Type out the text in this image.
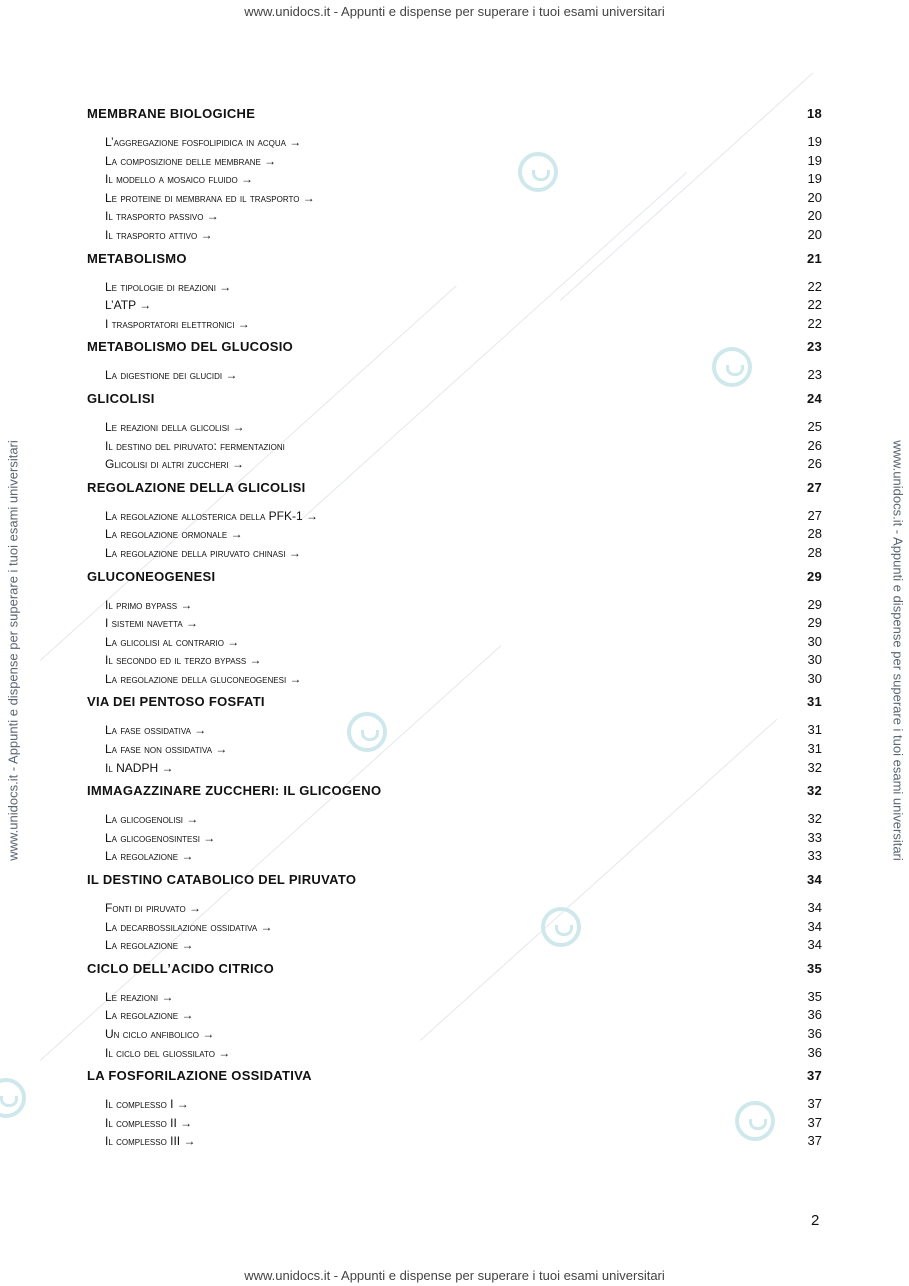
www.unidocs.it - Appunti e dispense per superare i tuoi esami universitari
www.unidocs.it - Appunti e dispense per superare i tuoi esami universitari
www.unidocs.it - Appunti e dispense per superare i tuoi esami universitari	www.unidocs.it - Appunti e dispense per superare i tuoi esami universitari
MEMBRANE BIOLOGICHE	18
L’aggregazione fosfolipidica in acqua →	19
La composizione delle membrane →	19
Il modello a mosaico fluido →	19
Le proteine di membrana ed il trasporto →	20
Il trasporto passivo →	20
Il trasporto attivo →	20
METABOLISMO	21
Le tipologie di reazioni →	22
L’ATP →	22
I trasportatori elettronici →	22
METABOLISMO DEL GLUCOSIO	23
La digestione dei glucidi →	23
GLICOLISI	24
Le reazioni della glicolisi →	25
Il destino del piruvato: fermentazioni	26
Glicolisi di altri zuccheri →	26
REGOLAZIONE DELLA GLICOLISI	27
La regolazione allosterica della PFK-1 →	27
La regolazione ormonale →	28
La regolazione della piruvato chinasi →	28
GLUCONEOGENESI	29
Il primo bypass →	29
I sistemi navetta →	29
La glicolisi al contrario →	30
Il secondo ed il terzo bypass →	30
La regolazione della gluconeogenesi →	30
VIA DEI PENTOSO FOSFATI	31
La fase ossidativa →	31
La fase non ossidativa →	31
Il NADPH →	32
IMMAGAZZINARE ZUCCHERI: IL GLICOGENO	32
La glicogenolisi →	32
La glicogenosintesi →	33
La regolazione →	33
IL DESTINO CATABOLICO DEL PIRUVATO	34
Fonti di piruvato →	34
La decarbossilazione ossidativa →	34
La regolazione →	34
CICLO DELL’ACIDO CITRICO	35
Le reazioni →	35
La regolazione →	36
Un ciclo anfibolico →	36
Il ciclo del gliossilato →	36
LA FOSFORILAZIONE OSSIDATIVA	37
Il complesso I →	37
Il complesso II →	37
Il complesso III →	37
2
